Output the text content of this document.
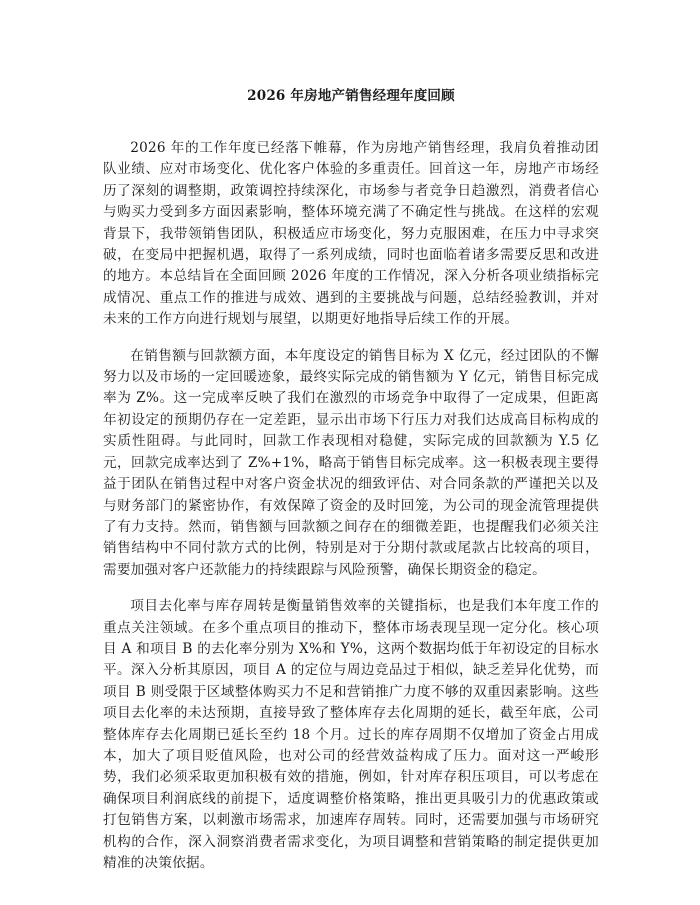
2026 年房地产销售经理年度回顾

2026 年的工作年度已经落下帷幕，作为房地产销售经理，我肩负着推动团队业绩、应对市场变化、优化客户体验的多重责任。回首这一年，房地产市场经历了深刻的调整期，政策调控持续深化，市场参与者竞争日趋激烈，消费者信心与购买力受到多方面因素影响，整体环境充满了不确定性与挑战。在这样的宏观背景下，我带领销售团队，积极适应市场变化，努力克服困难，在压力中寻求突破，在变局中把握机遇，取得了一系列成绩，同时也面临着诸多需要反思和改进的地方。本总结旨在全面回顾 2026 年度的工作情况，深入分析各项业绩指标完成情况、重点工作的推进与成效、遇到的主要挑战与问题，总结经验教训，并对未来的工作方向进行规划与展望，以期更好地指导后续工作的开展。

在销售额与回款额方面，本年度设定的销售目标为 X 亿元，经过团队的不懈努力以及市场的一定回暖迹象，最终实际完成的销售额为 Y 亿元，销售目标完成率为 Z%。这一完成率反映了我们在激烈的市场竞争中取得了一定成果，但距离年初设定的预期仍存在一定差距，显示出市场下行压力对我们达成高目标构成的实质性阻碍。与此同时，回款工作表现相对稳健，实际完成的回款额为 Y.5 亿元，回款完成率达到了 Z%+1%，略高于销售目标完成率。这一积极表现主要得益于团队在销售过程中对客户资金状况的细致评估、对合同条款的严谨把关以及与财务部门的紧密协作，有效保障了资金的及时回笼，为公司的现金流管理提供了有力支持。然而，销售额与回款额之间存在的细微差距，也提醒我们必须关注销售结构中不同付款方式的比例，特别是对于分期付款或尾款占比较高的项目，需要加强对客户还款能力的持续跟踪与风险预警，确保长期资金的稳定。

项目去化率与库存周转是衡量销售效率的关键指标，也是我们本年度工作的重点关注领域。在多个重点项目的推动下，整体市场表现呈现一定分化。核心项目 A 和项目 B 的去化率分别为 X%和 Y%，这两个数据均低于年初设定的目标水平。深入分析其原因，项目 A 的定位与周边竞品过于相似，缺乏差异化优势，而项目 B 则受限于区域整体购买力不足和营销推广力度不够的双重因素影响。这些项目去化率的未达预期，直接导致了整体库存去化周期的延长，截至年底，公司整体库存去化周期已延长至约 18 个月。过长的库存周期不仅增加了资金占用成本，加大了项目贬值风险，也对公司的经营效益构成了压力。面对这一严峻形势，我们必须采取更加积极有效的措施，例如，针对库存积压项目，可以考虑在确保项目利润底线的前提下，适度调整价格策略，推出更具吸引力的优惠政策或打包销售方案，以刺激市场需求，加速库存周转。同时，还需要加强与市场研究机构的合作，深入洞察消费者需求变化，为项目调整和营销策略的制定提供更加精准的决策依据。
